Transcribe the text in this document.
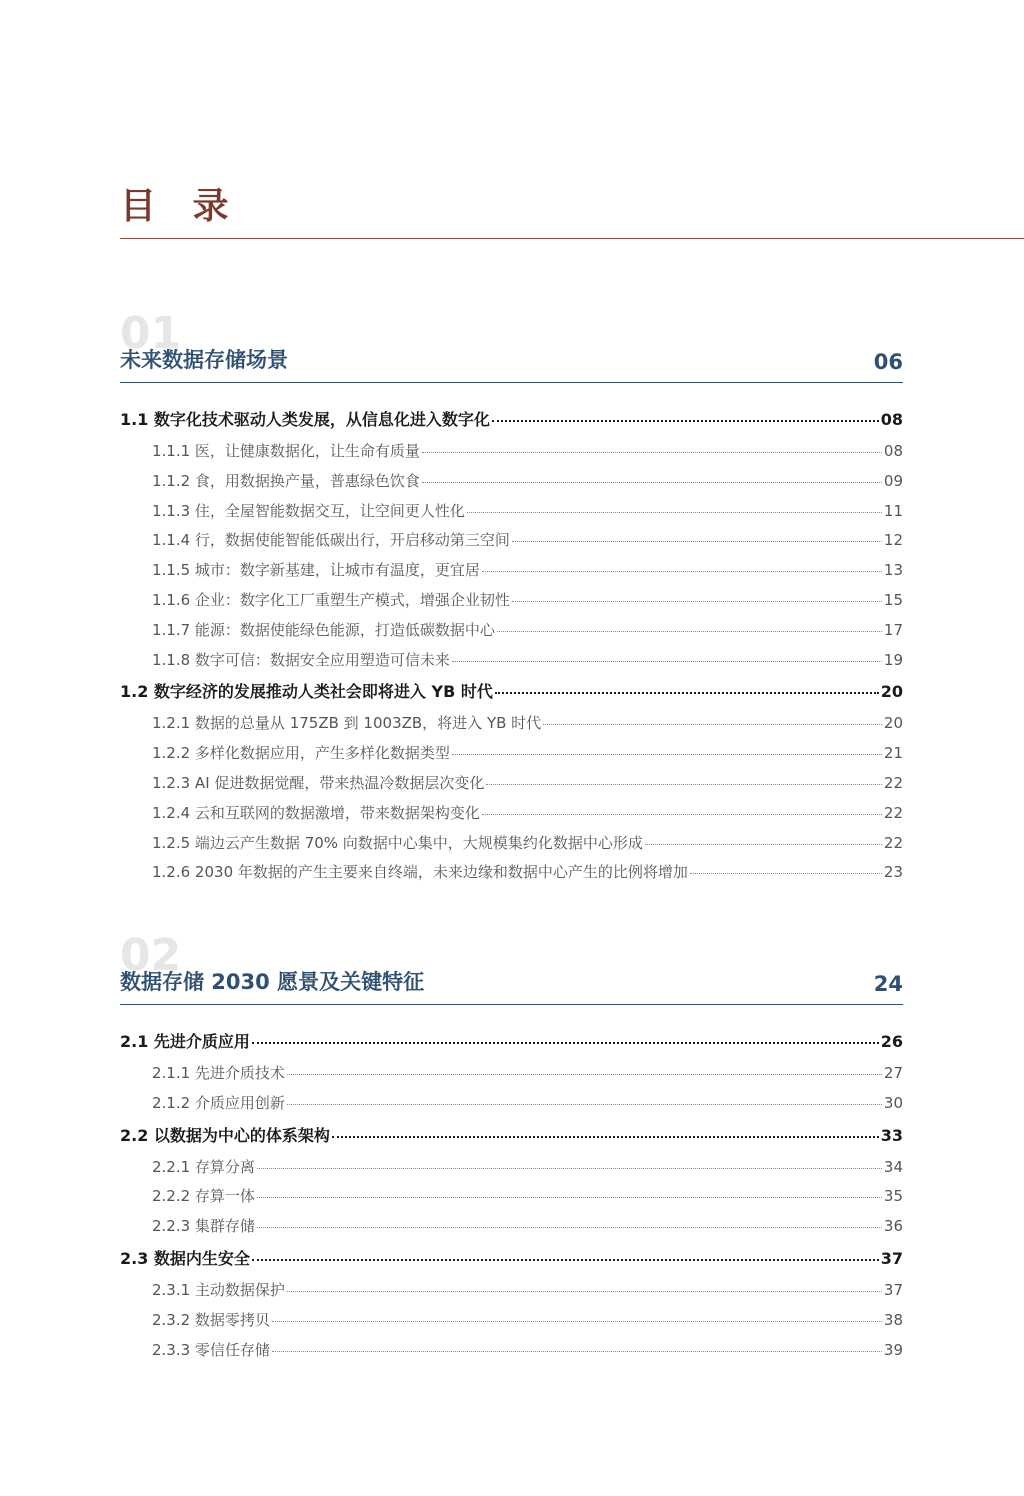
目 录
01
未来数据存储场景	06
1.1 数字化技术驱动人类发展，从信息化进入数字化	08
1.1.1 医，让健康数据化，让生命有质量	08
1.1.2 食，用数据换产量，普惠绿色饮食	09
1.1.3 住，全屋智能数据交互，让空间更人性化	11
1.1.4 行，数据使能智能低碳出行，开启移动第三空间	12
1.1.5 城市：数字新基建，让城市有温度，更宜居	13
1.1.6 企业：数字化工厂重塑生产模式，增强企业韧性	15
1.1.7 能源：数据使能绿色能源，打造低碳数据中心	17
1.1.8 数字可信：数据安全应用塑造可信未来	19
1.2 数字经济的发展推动人类社会即将进入 YB 时代	20
1.2.1 数据的总量从 175ZB 到 1003ZB，将进入 YB 时代	20
1.2.2 多样化数据应用，产生多样化数据类型	21
1.2.3 AI 促进数据觉醒，带来热温冷数据层次变化	22
1.2.4 云和互联网的数据激增，带来数据架构变化	22
1.2.5 端边云产生数据 70% 向数据中心集中，大规模集约化数据中心形成	22
1.2.6 2030 年数据的产生主要来自终端，未来边缘和数据中心产生的比例将增加	23
02
数据存储 2030 愿景及关键特征	24
2.1 先进介质应用	26
2.1.1 先进介质技术	27
2.1.2 介质应用创新	30
2.2 以数据为中心的体系架构	33
2.2.1 存算分离	34
2.2.2 存算一体	35
2.2.3 集群存储	36
2.3 数据内生安全	37
2.3.1 主动数据保护	37
2.3.2 数据零拷贝	38
2.3.3 零信任存储	39
